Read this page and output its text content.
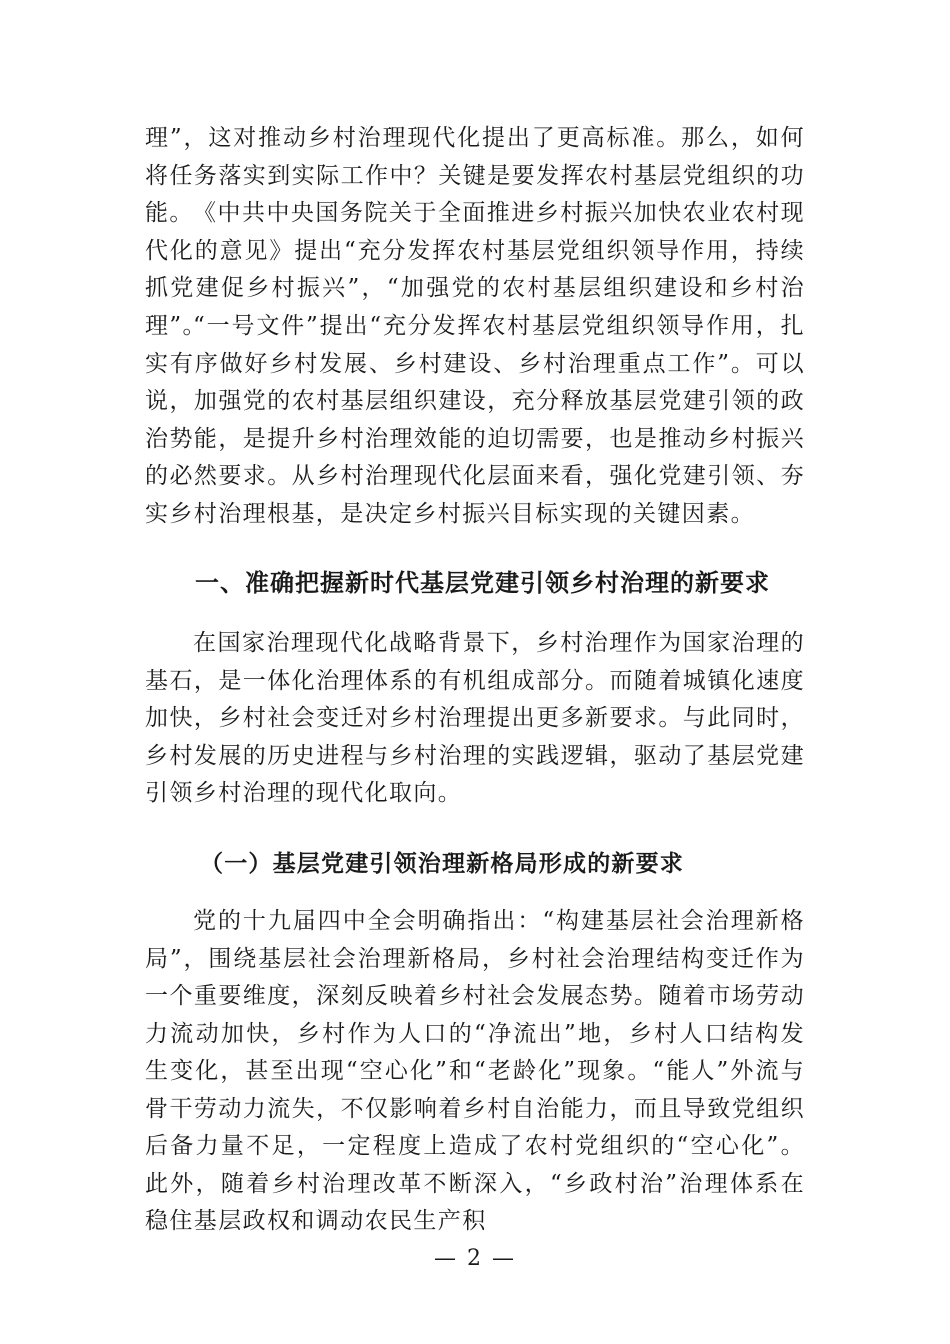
理”，这对推动乡村治理现代化提出了更高标准。那么，如何将任务落实到实际工作中？关键是要发挥农村基层党组织的功能。 《中共中央国务院关于全面推进乡村振兴加快农业农村现代化的意见》提出“充分发挥农村基层党组织领导作用，持续抓党建促乡村振兴”，“加强党的农村基层组织建设和乡村治理”。

“一号文件”提出“充分发挥农村基层党组织领导作用，扎实有序做好乡村发展、乡村建设、乡村治理重点工作”。可以说，加强党的农村基层组织建设，充分释放基层党建引领的政治势能，是提升乡村治理效能的迫切需要，也是推动乡村振兴的必然要求。从乡村治理现代化层面来看，强化党建引领、夯实乡村治理根基，是决定乡村振兴目标实现的关键因素。

一、准确把握新时代基层党建引领乡村治理的新要求

在国家治理现代化战略背景下，乡村治理作为国家治理的基石，是一体化治理体系的有机组成部分。而随着城镇化速度加快，乡村社会变迁对乡村治理提出更多新要求。与此同时，乡村发展的历史进程与乡村治理的实践逻辑，驱动了基层党建引领乡村治理的现代化取向。

（一）基层党建引领治理新格局形成的新要求

党的十九届四中全会明确指出：“构建基层社会治理新格局”，围绕基层社会治理新格局，乡村社会治理结构变迁作为一个重要维度，深刻反映着乡村社会发展态势。随着市场劳动力流动加快，乡村作为人口的“净流出”地，乡村人口结构发生变化，甚至出现“空心化”和“老龄化”现象。“能人”外流与骨干劳动力流失，不仅影响着乡村自治能力，而且导致党组织后备力量不足，一定程度上造成了农村党组织的“空心化”。此外，随着乡村治理改革不断深入，“乡政村治”治理体系在稳住基层政权和调动农民生产积

— 2 —
